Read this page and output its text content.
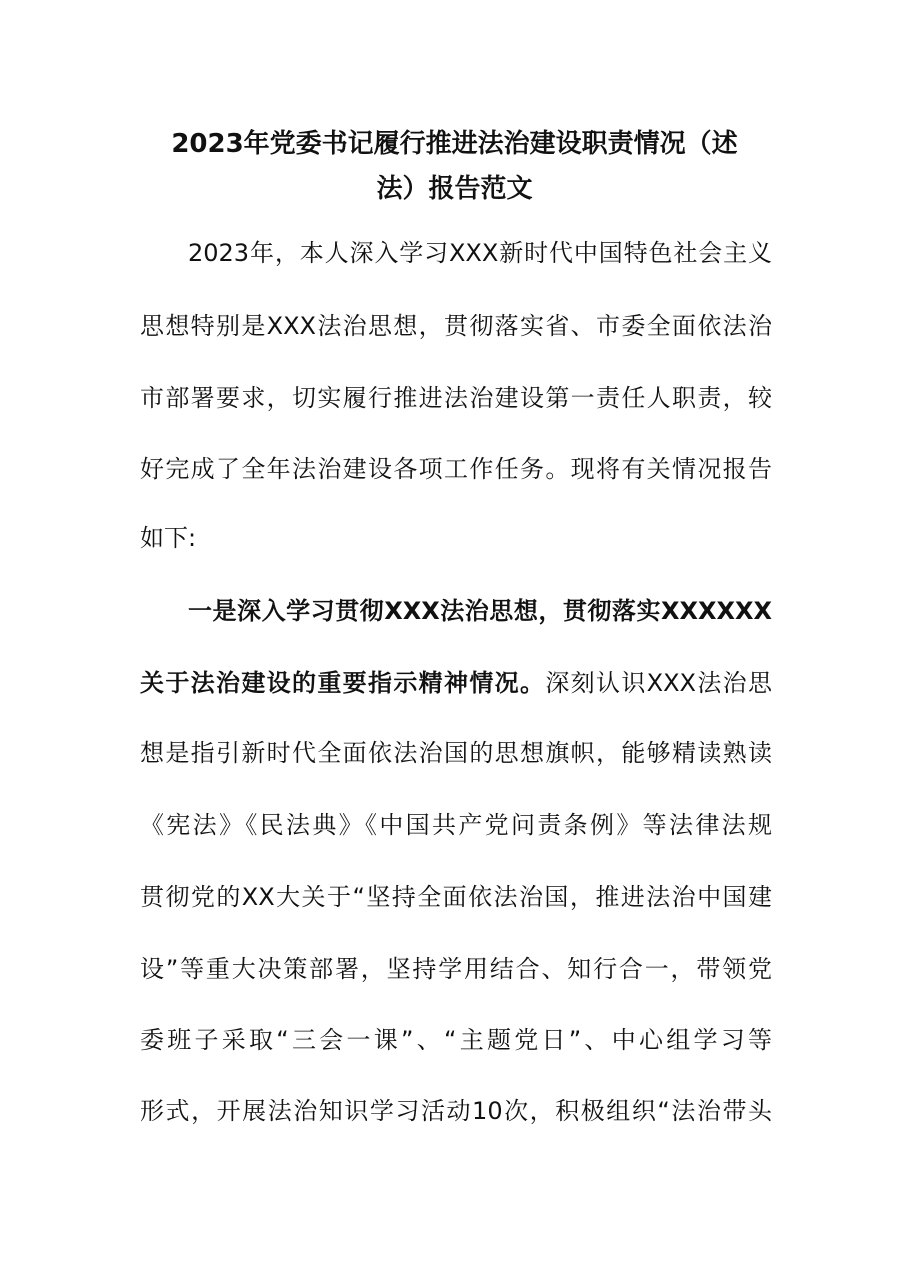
2023年党委书记履行推进法治建设职责情况（述
法）报告范文
2023年，本人深入学习XXX新时代中国特色社会主义
思想特别是XXX法治思想，贯彻落实省、市委全面依法治
市部署要求，切实履行推进法治建设第一责任人职责，较
好完成了全年法治建设各项工作任务。现将有关情况报告
如下:
一是深入学习贯彻XXX法治思想，贯彻落实XXXXXX
关于法治建设的重要指示精神情况。深刻认识XXX法治思
想是指引新时代全面依法治国的思想旗帜，能够精读熟读
《宪法》《民法典》《中国共产党问责条例》等法律法规
贯彻党的XX大关于“坚持全面依法治国，推进法治中国建
设”等重大决策部署，坚持学用结合、知行合一，带领党
委班子采取“三会一课”、“主题党日”、中心组学习等
形式，开展法治知识学习活动10次，积极组织“法治带头
